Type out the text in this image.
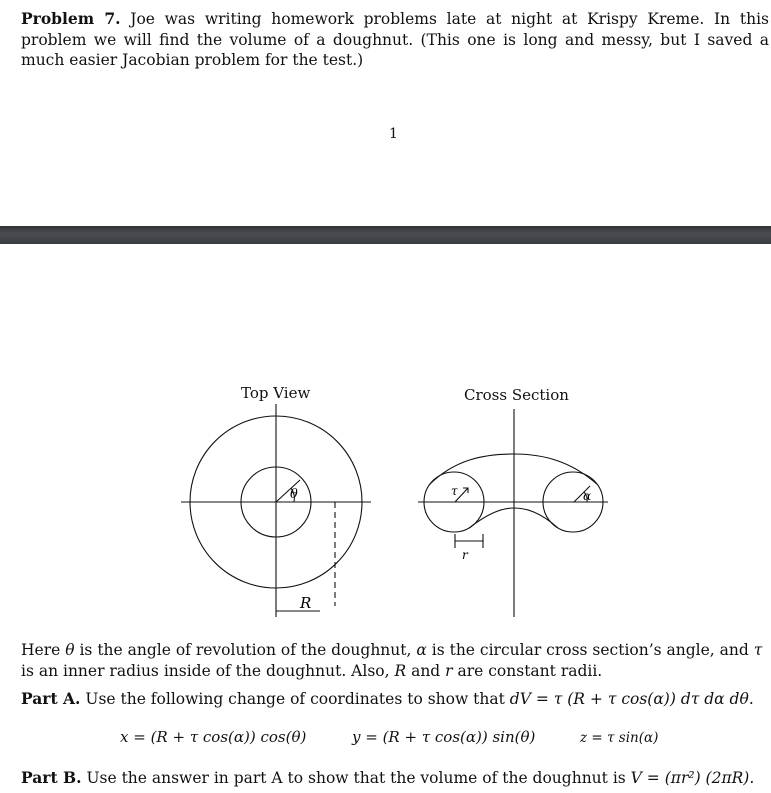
Problem 7. Joe was writing homework problems late at night at Krispy Kreme. In this problem we will find the volume of a doughnut. (This one is long and messy, but I saved a much easier Jacobian problem for the test.)
1
Top View	Cross Section
θ
R
τ
r
α
Here θ is the angle of revolution of the doughnut, α is the circular cross section’s angle, and τ is an inner radius inside of the doughnut. Also, R and r are constant radii.
Part A. Use the following change of coordinates to show that dV = τ (R + τ cos(α)) dτ dα dθ.
x = (R + τ cos(α)) cos(θ)	y = (R + τ cos(α)) sin(θ)	z = τ sin(α)
Part B. Use the answer in part A to show that the volume of the doughnut is V = (πr²) (2πR).
